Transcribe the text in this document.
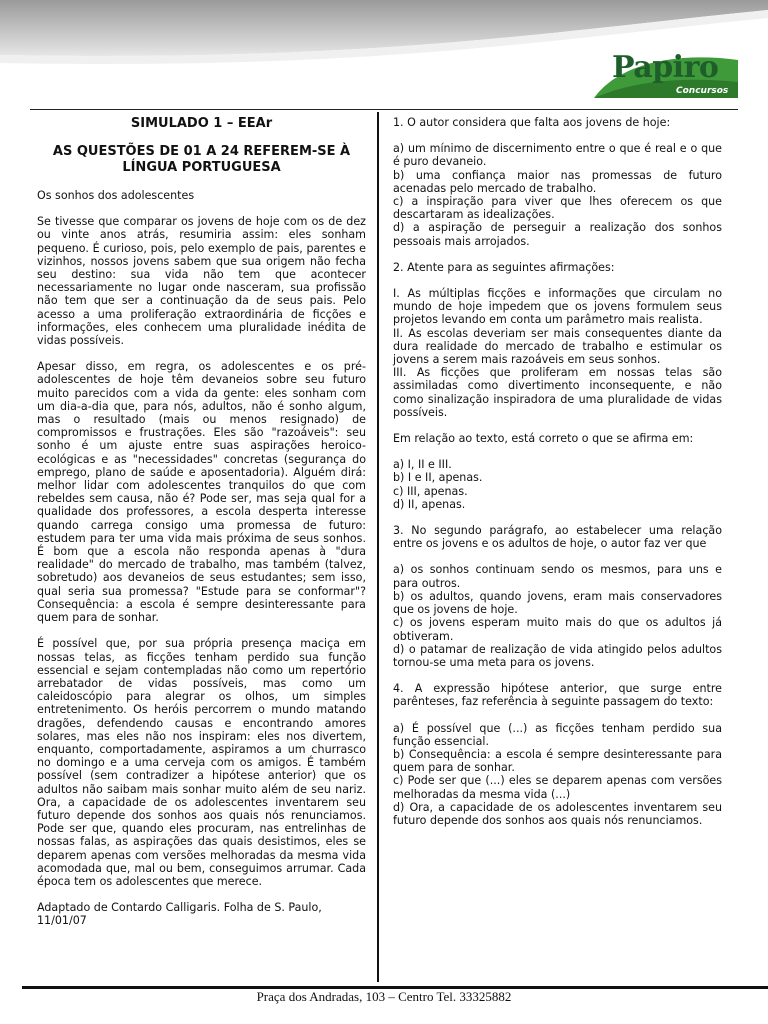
Papiro
Concursos
SIMULADO 1 – EEAr
AS QUESTÕES DE 01 A 24 REFEREM-SE À LÍNGUA PORTUGUESA
Os sonhos dos adolescentes
Se tivesse que comparar os jovens de hoje com os de dez ou vinte anos atrás, resumiria assim: eles sonham pequeno. É curioso, pois, pelo exemplo de pais, parentes e vizinhos, nossos jovens sabem que sua origem não fecha seu destino: sua vida não tem que acontecer necessariamente no lugar onde nasceram, sua profissão não tem que ser a continuação da de seus pais. Pelo acesso a uma proliferação extraordinária de ficções e informações, eles conhecem uma pluralidade inédita de vidas possíveis.
Apesar disso, em regra, os adolescentes e os pré-adolescentes de hoje têm devaneios sobre seu futuro muito parecidos com a vida da gente: eles sonham com um dia-a-dia que, para nós, adultos, não é sonho algum, mas o resultado (mais ou menos resignado) de compromissos e frustrações. Eles são "razoáveis": seu sonho é um ajuste entre suas aspirações heroico-ecológicas e as "necessidades" concretas (segurança do emprego, plano de saúde e aposentadoria). Alguém dirá: melhor lidar com adolescentes tranquilos do que com rebeldes sem causa, não é? Pode ser, mas seja qual for a qualidade dos professores, a escola desperta interesse quando carrega consigo uma promessa de futuro: estudem para ter uma vida mais próxima de seus sonhos. É bom que a escola não responda apenas à "dura realidade" do mercado de trabalho, mas também (talvez, sobretudo) aos devaneios de seus estudantes; sem isso, qual seria sua promessa? "Estude para se conformar"? Consequência: a escola é sempre desinteressante para quem para de sonhar.
É possível que, por sua própria presença maciça em nossas telas, as ficções tenham perdido sua função essencial e sejam contempladas não como um repertório arrebatador de vidas possíveis, mas como um caleidoscópio para alegrar os olhos, um simples entretenimento. Os heróis percorrem o mundo matando dragões, defendendo causas e encontrando amores solares, mas eles não nos inspiram: eles nos divertem, enquanto, comportadamente, aspiramos a um churrasco no domingo e a uma cerveja com os amigos. É também possível (sem contradizer a hipótese anterior) que os adultos não saibam mais sonhar muito além de seu nariz. Ora, a capacidade de os adolescentes inventarem seu futuro depende dos sonhos aos quais nós renunciamos. Pode ser que, quando eles procuram, nas entrelinhas de nossas falas, as aspirações das quais desistimos, eles se deparem apenas com versões melhoradas da mesma vida acomodada que, mal ou bem, conseguimos arrumar. Cada época tem os adolescentes que merece.
Adaptado de Contardo Calligaris. Folha de S. Paulo, 11/01/07
1. O autor considera que falta aos jovens de hoje:
a) um mínimo de discernimento entre o que é real e o que é puro devaneio.
b) uma confiança maior nas promessas de futuro acenadas pelo mercado de trabalho.
c) a inspiração para viver que lhes oferecem os que descartaram as idealizações.
d) a aspiração de perseguir a realização dos sonhos pessoais mais arrojados.
2. Atente para as seguintes afirmações:
I. As múltiplas ficções e informações que circulam no mundo de hoje impedem que os jovens formulem seus projetos levando em conta um parâmetro mais realista.
II. As escolas deveriam ser mais consequentes diante da dura realidade do mercado de trabalho e estimular os jovens a serem mais razoáveis em seus sonhos.
III. As ficções que proliferam em nossas telas são assimiladas como divertimento inconsequente, e não como sinalização inspiradora de uma pluralidade de vidas possíveis.
Em relação ao texto, está correto o que se afirma em:
a) I, II e III.
b) I e II, apenas.
c) III, apenas.
d) II, apenas.
3. No segundo parágrafo, ao estabelecer uma relação entre os jovens e os adultos de hoje, o autor faz ver que
a) os sonhos continuam sendo os mesmos, para uns e para outros.
b) os adultos, quando jovens, eram mais conservadores que os jovens de hoje.
c) os jovens esperam muito mais do que os adultos já obtiveram.
d) o patamar de realização de vida atingido pelos adultos tornou-se uma meta para os jovens.
4. A expressão hipótese anterior, que surge entre parênteses, faz referência à seguinte passagem do texto:
a) É possível que (...) as ficções tenham perdido sua função essencial.
b) Consequência: a escola é sempre desinteressante para quem para de sonhar.
c) Pode ser que (...) eles se deparem apenas com versões melhoradas da mesma vida (...)
d) Ora, a capacidade de os adolescentes inventarem seu futuro depende dos sonhos aos quais nós renunciamos.
Praça dos Andradas, 103 – Centro Tel. 33325882
